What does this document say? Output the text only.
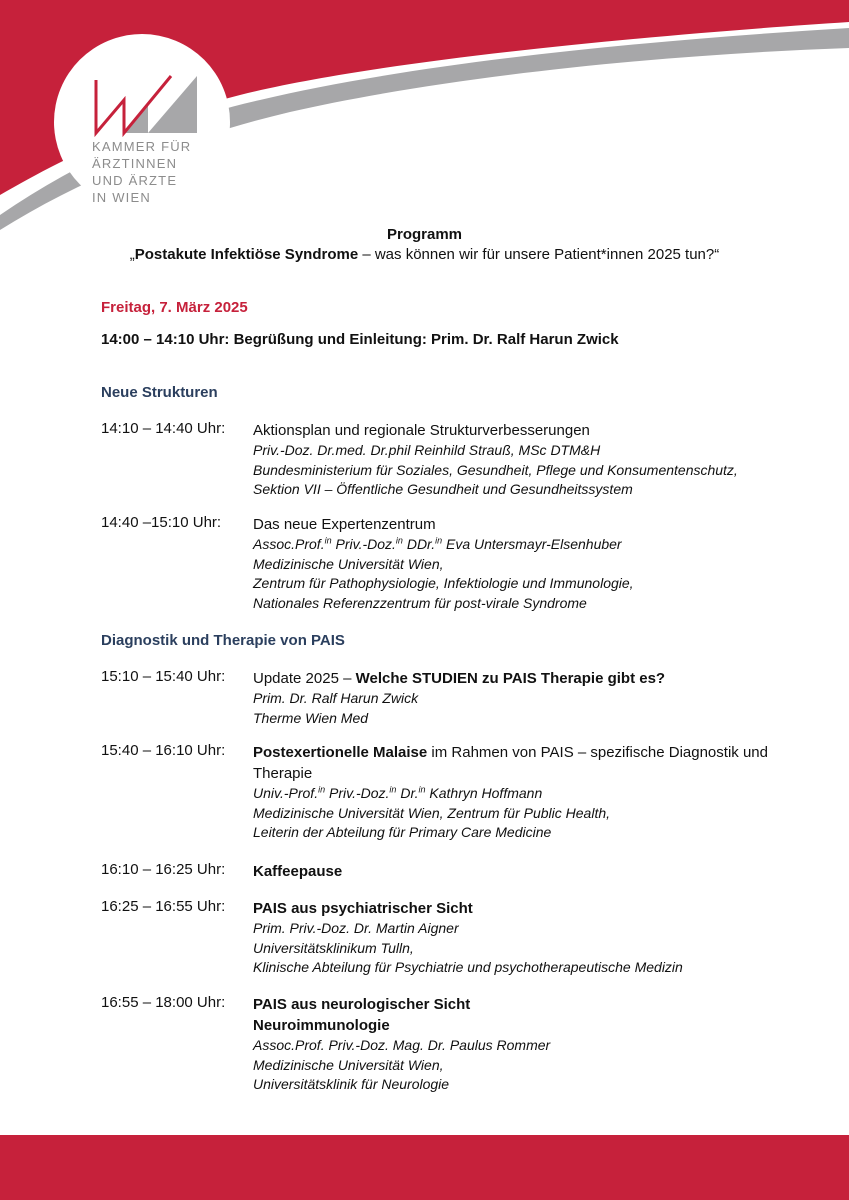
KAMMER FÜR
ÄRZTINNEN
UND ÄRZTE
IN WIEN
Programm
„Postakute Infektiöse Syndrome – was können wir für unsere Patient*innen 2025 tun?“
Freitag, 7. März 2025
14:00 – 14:10 Uhr: Begrüßung und Einleitung: Prim. Dr. Ralf Harun Zwick
Neue Strukturen
14:10 – 14:40 Uhr: Aktionsplan und regionale Strukturverbesserungen
Priv.-Doz. Dr.med. Dr.phil Reinhild Strauß, MSc DTM&H
Bundesministerium für Soziales, Gesundheit, Pflege und Konsumentenschutz,
Sektion VII – Öffentliche Gesundheit und Gesundheitssystem
14:40 –15:10 Uhr: Das neue Expertenzentrum
Assoc.Prof.$^{in}$ Priv.-Doz.$^{in}$ DDr.$^{in}$ Eva Untersmayr-Elsenhuber
Medizinische Universität Wien,
Zentrum für Pathophysiologie, Infektiologie und Immunologie,
Nationales Referenzzentrum für post-virale Syndrome
Diagnostik und Therapie von PAIS
15:10 – 15:40 Uhr: Update 2025 – Welche STUDIEN zu PAIS Therapie gibt es?
Prim. Dr. Ralf Harun Zwick
Therme Wien Med
15:40 – 16:10 Uhr: Postexertionelle Malaise im Rahmen von PAIS – spezifische Diagnostik und Therapie
Univ.-Prof.$^{in}$ Priv.-Doz.$^{in}$ Dr.$^{in}$ Kathryn Hoffmann
Medizinische Universität Wien, Zentrum für Public Health,
Leiterin der Abteilung für Primary Care Medicine
16:10 – 16:25 Uhr: Kaffeepause
16:25 – 16:55 Uhr: PAIS aus psychiatrischer Sicht
Prim. Priv.-Doz. Dr. Martin Aigner
Universitätsklinikum Tulln,
Klinische Abteilung für Psychiatrie und psychotherapeutische Medizin
16:55 – 18:00 Uhr: PAIS aus neurologischer Sicht
Neuroimmunologie
Assoc.Prof. Priv.-Doz. Mag. Dr. Paulus Rommer
Medizinische Universität Wien,
Universitätsklinik für Neurologie
